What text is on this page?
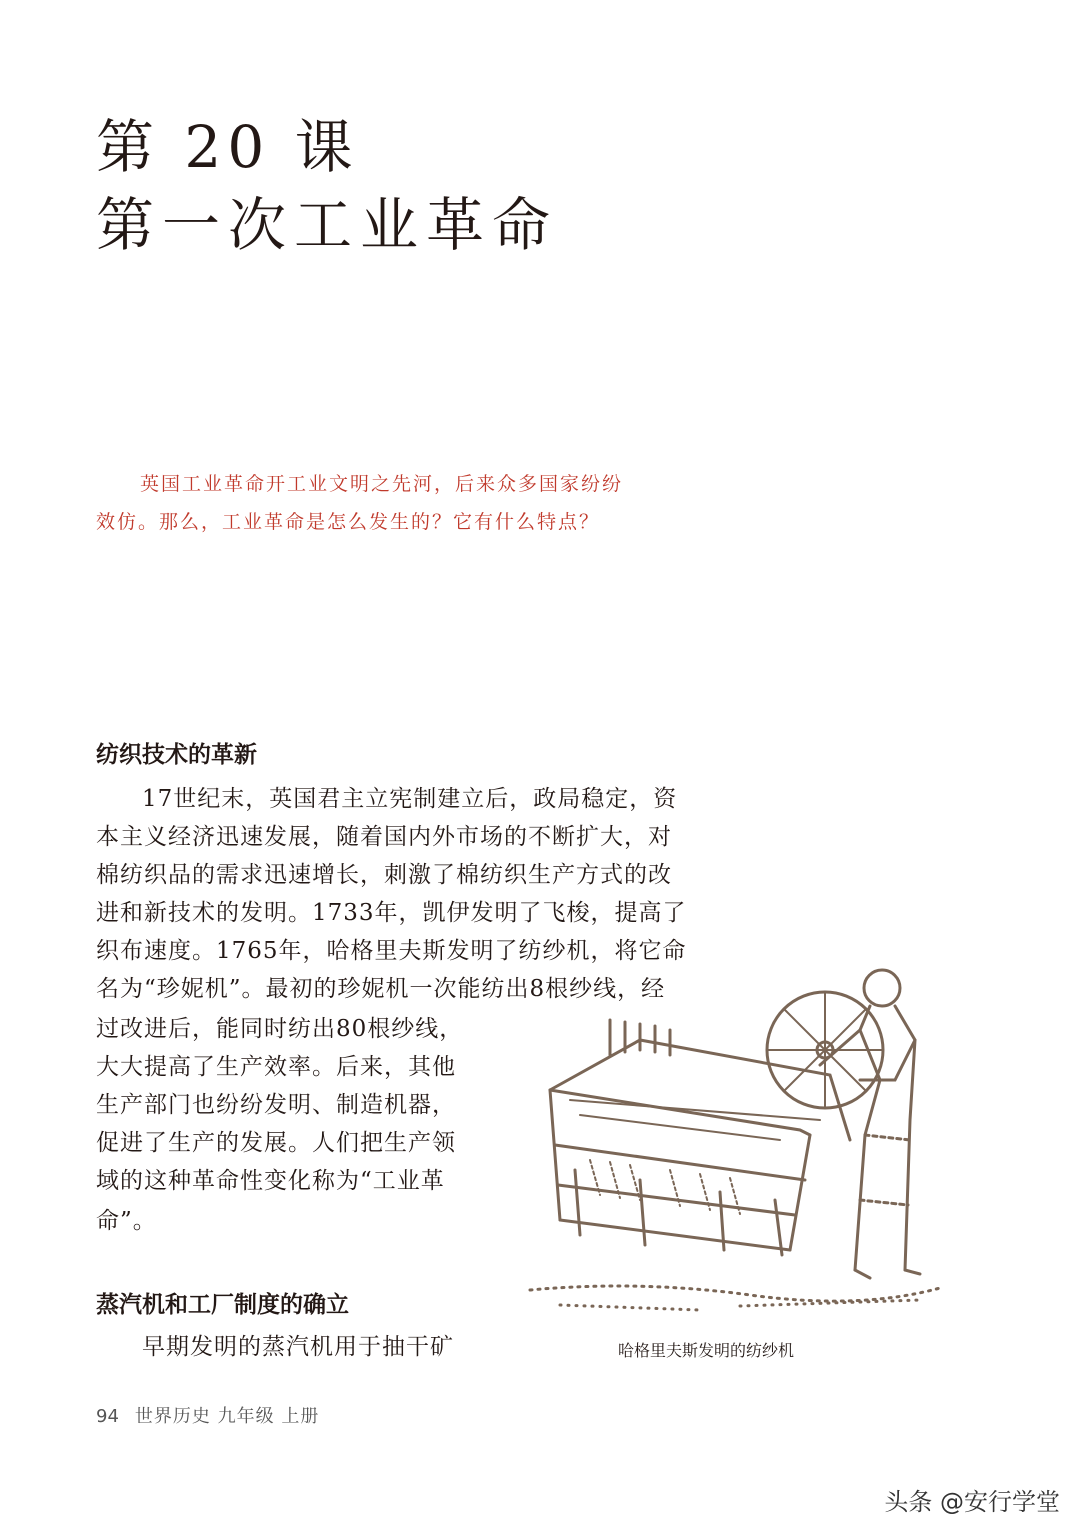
第 20 课
第一次工业革命

英国工业革命开工业文明之先河，后来众多国家纷纷

效仿。那么，工业革命是怎么发生的？它有什么特点？

纺织技术的革新

17世纪末，英国君主立宪制建立后，政局稳定，资

本主义经济迅速发展，随着国内外市场的不断扩大，对

棉纺织品的需求迅速增长，刺激了棉纺织生产方式的改

进和新技术的发明。1733年，凯伊发明了飞梭，提高了

织布速度。1765年，哈格里夫斯发明了纺纱机，将它命

名为“珍妮机”。最初的珍妮机一次能纺出8根纱线，经

过改进后，能同时纺出80根纱线，

大大提高了生产效率。后来，其他

生产部门也纷纷发明、制造机器，

促进了生产的发展。人们把生产领

域的这种革命性变化称为“工业革

命”。

蒸汽机和工厂制度的确立

早期发明的蒸汽机用于抽干矿	哈格里夫斯发明的纺纱机
94 世界历史 九年级 上册
头条 @安行学堂
